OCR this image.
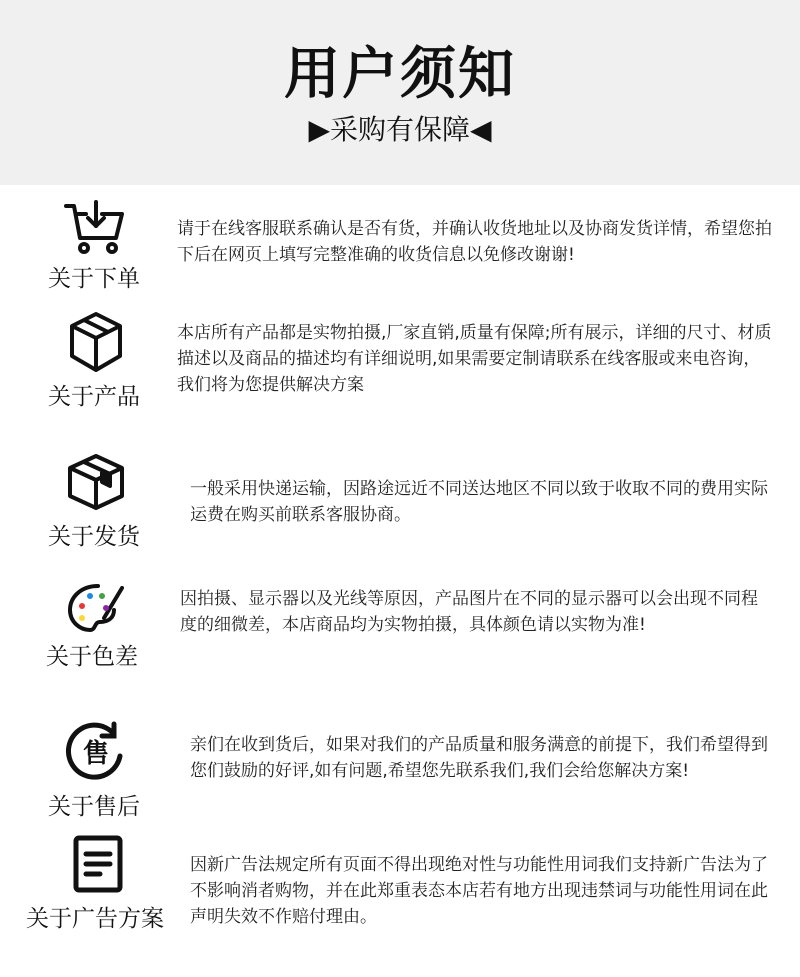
用户须知
▶采购有保障◀
关于下单
请于在线客服联系确认是否有货，并确认收货地址以及协商发货详情，希望您拍下后在网页上填写完整准确的收货信息以免修改谢谢!
关于产品
本店所有产品都是实物拍摄,厂家直销,质量有保障;所有展示，详细的尺寸、材质描述以及商品的描述均有详细说明,如果需要定制请联系在线客服或来电咨询，我们将为您提供解决方案
关于发货
一般采用快递运输，因路途远近不同送达地区不同以致于收取不同的费用实际运费在购买前联系客服协商。
关于色差
因拍摄、显示器以及光线等原因，产品图片在不同的显示器可以会出现不同程度的细微差，本店商品均为实物拍摄，具体颜色请以实物为准!
售
关于售后
亲们在收到货后，如果对我们的产品质量和服务满意的前提下，我们希望得到您们鼓励的好评,如有问题,希望您先联系我们,我们会给您解决方案!
关于广告方案
因新广告法规定所有页面不得出现绝对性与功能性用词我们支持新广告法为了不影响消者购物，并在此郑重表态本店若有地方出现违禁词与功能性用词在此声明失效不作赔付理由。
